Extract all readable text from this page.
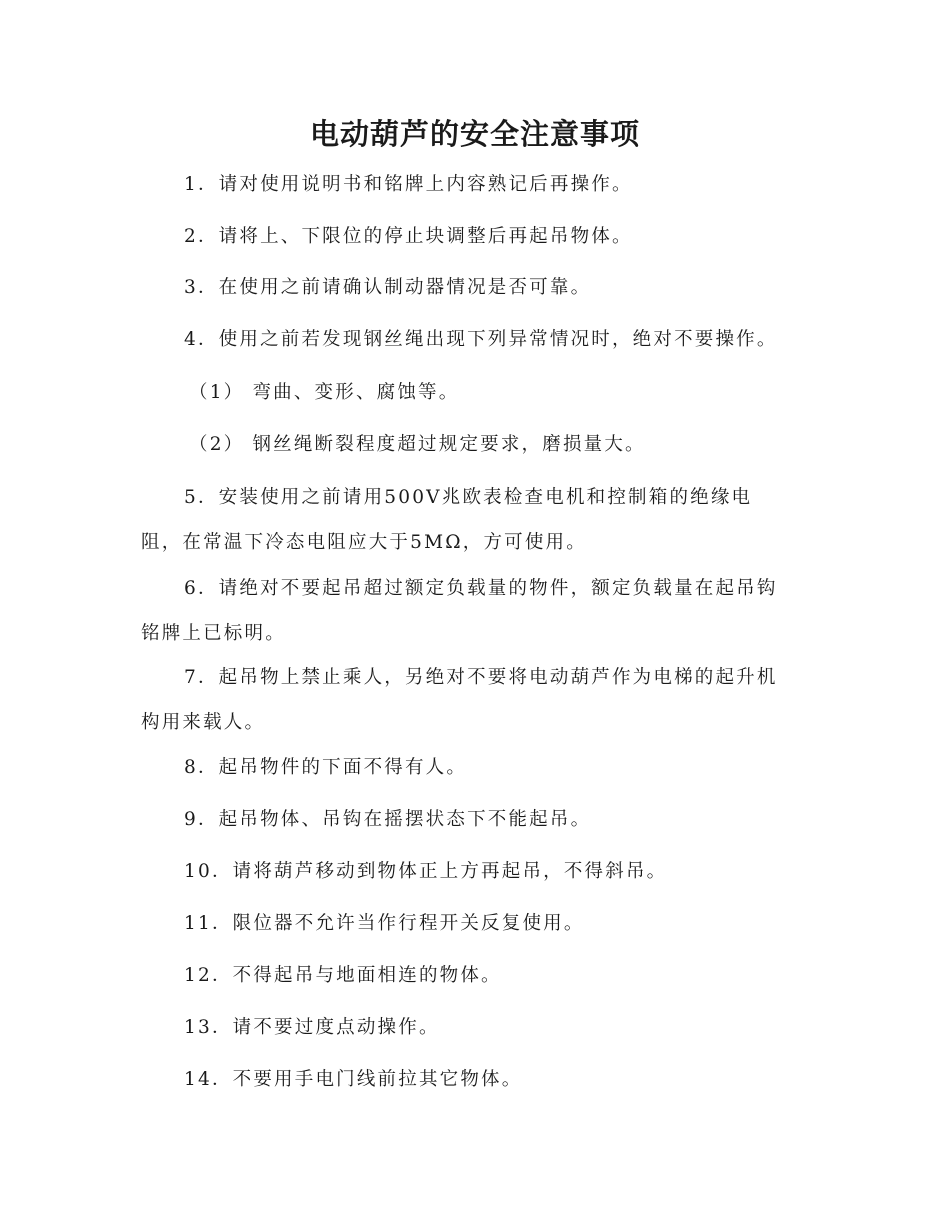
电动葫芦的安全注意事项
1．请对使用说明书和铭牌上内容熟记后再操作。
2．请将上、下限位的停止块调整后再起吊物体。
3．在使用之前请确认制动器情况是否可靠。
4．使用之前若发现钢丝绳出现下列异常情况时，绝对不要操作。
（1） 弯曲、变形、腐蚀等。
（2） 钢丝绳断裂程度超过规定要求，磨损量大。
5．安装使用之前请用500V兆欧表检查电机和控制箱的绝缘电
阻，在常温下冷态电阻应大于5MΩ，方可使用。
6．请绝对不要起吊超过额定负载量的物件，额定负载量在起吊钩
铭牌上已标明。
7．起吊物上禁止乘人，另绝对不要将电动葫芦作为电梯的起升机
构用来载人。
8．起吊物件的下面不得有人。
9．起吊物体、吊钩在摇摆状态下不能起吊。
10．请将葫芦移动到物体正上方再起吊，不得斜吊。
11．限位器不允许当作行程开关反复使用。
12．不得起吊与地面相连的物体。
13．请不要过度点动操作。
14．不要用手电门线前拉其它物体。
